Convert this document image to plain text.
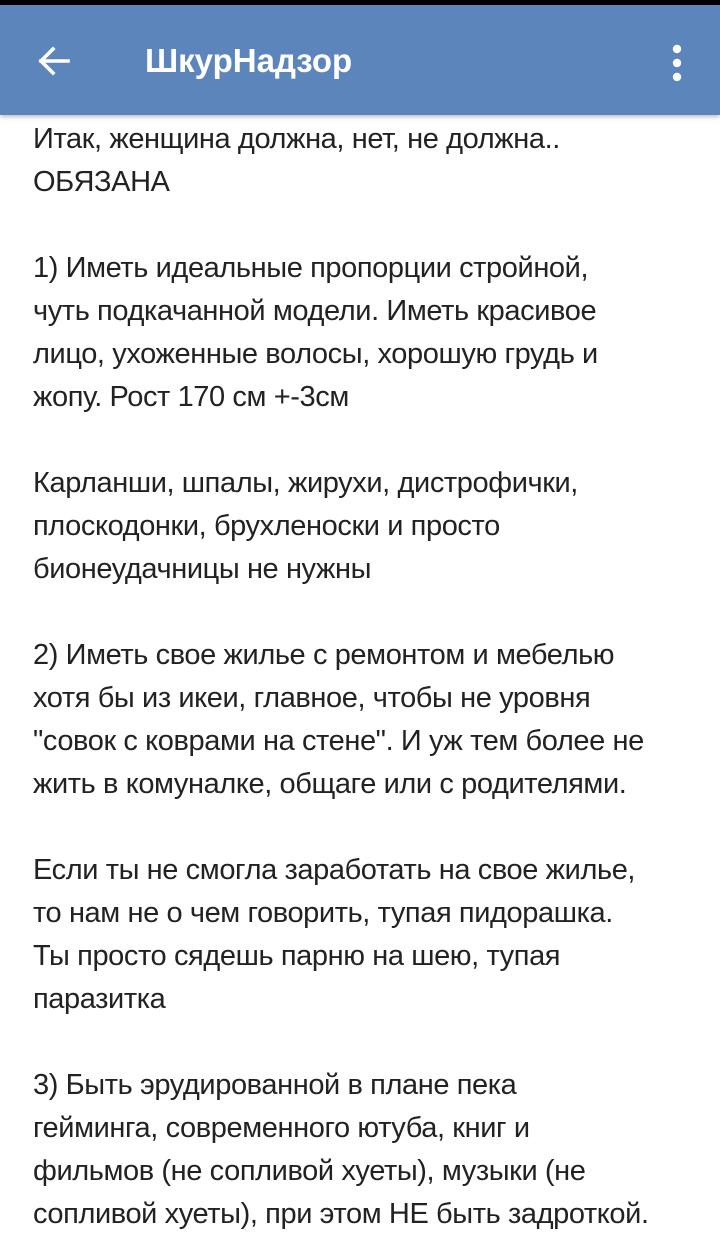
ШкурНадзор

Итак, женщина должна, нет, не должна..
ОБЯЗАНА

1) Иметь идеальные пропорции стройной,
чуть подкачанной модели. Иметь красивое
лицо, ухоженные волосы, хорошую грудь и
жопу. Рост 170 см +-3см

Карланши, шпалы, жирухи, дистрофички,
плоскодонки, брухленоски и просто
бионеудачницы не нужны

2) Иметь свое жилье с ремонтом и мебелью
хотя бы из икеи, главное, чтобы не уровня
"совок с коврами на стене". И уж тем более не
жить в комуналке, общаге или с родителями.

Если ты не смогла заработать на свое жилье,
то нам не о чем говорить, тупая пидорашка.
Ты просто сядешь парню на шею, тупая
паразитка

3) Быть эрудированной в плане пека
гейминга, современного ютуба, книг и
фильмов (не сопливой хуеты), музыки (не
сопливой хуеты), при этом НЕ быть задроткой.
